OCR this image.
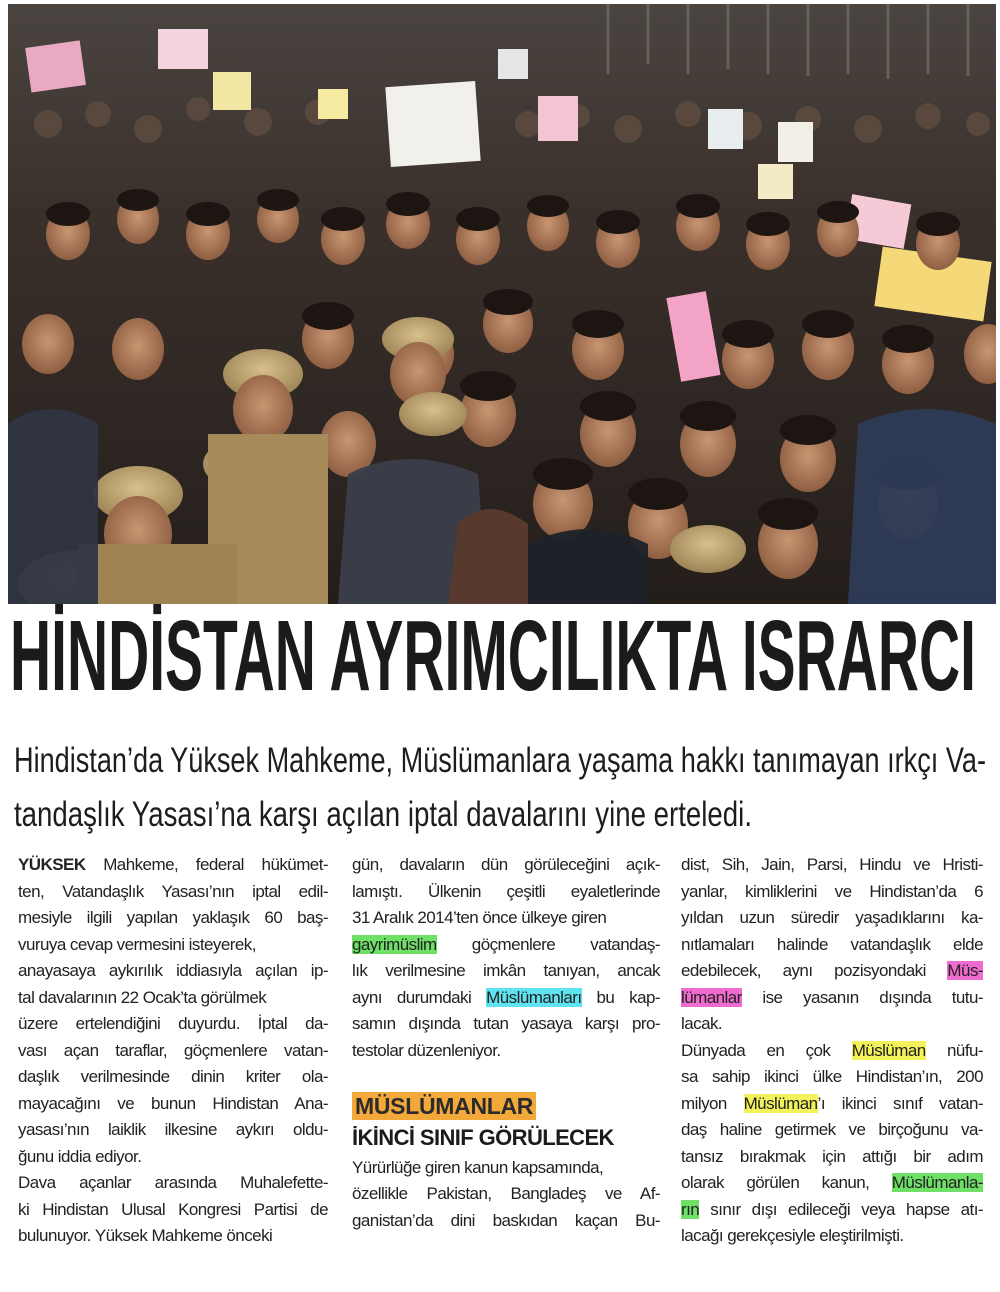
HİNDİSTAN AYRIMCILIKTA ISRARCI
Hindistan’da Yüksek Mahkeme, Müslümanlara yaşama hakkı tanımayan ırkçı Va-
tandaşlık Yasası’na karşı açılan iptal davalarını yine erteledi.
YÜKSEK Mahkeme, federal hükümet-
ten, Vatandaşlık Yasası’nın iptal edil-
mesiyle ilgili yapılan yaklaşık 60 baş-
vuruya cevap vermesini isteyerek,
anayasaya aykırılık iddiasıyla açılan ip-
tal davalarının 22 Ocak’ta görülmek
üzere ertelendiğini duyurdu. İptal da-
vası açan taraflar, göçmenlere vatan-
daşlık verilmesinde dinin kriter ola-
mayacağını ve bunun Hindistan Ana-
yasası’nın laiklik ilkesine aykırı oldu-
ğunu iddia ediyor.
Dava açanlar arasında Muhalefette-
ki Hindistan Ulusal Kongresi Partisi de
bulunuyor. Yüksek Mahkeme önceki
gün, davaların dün görüleceğini açık-
lamıştı. Ülkenin çeşitli eyaletlerinde
31 Aralık 2014’ten önce ülkeye giren
gayrimüslim göçmenlere vatandaş-
lık verilmesine imkân tanıyan, ancak
aynı durumdaki Müslümanları bu kap-
samın dışında tutan yasaya karşı pro-
testolar düzenleniyor.
MÜSLÜMANLAR
İKİNCİ SINIF GÖRÜLECEK
Yürürlüğe giren kanun kapsamında,
özellikle Pakistan, Bangladeş ve Af-
ganistan’da dini baskıdan kaçan Bu-
dist, Sih, Jain, Parsi, Hindu ve Hristi-
yanlar, kimliklerini ve Hindistan’da 6
yıldan uzun süredir yaşadıklarını ka-
nıtlamaları halinde vatandaşlık elde
edebilecek, aynı pozisyondaki Müs-
lümanlar ise yasanın dışında tutu-
lacak.
Dünyada en çok Müslüman nüfu-
sa sahip ikinci ülke Hindistan’ın, 200
milyon Müslüman’ı ikinci sınıf vatan-
daş haline getirmek ve birçoğunu va-
tansız bırakmak için attığı bir adım
olarak görülen kanun, Müslümanla-
rın sınır dışı edileceği veya hapse atı-
lacağı gerekçesiyle eleştirilmişti.
